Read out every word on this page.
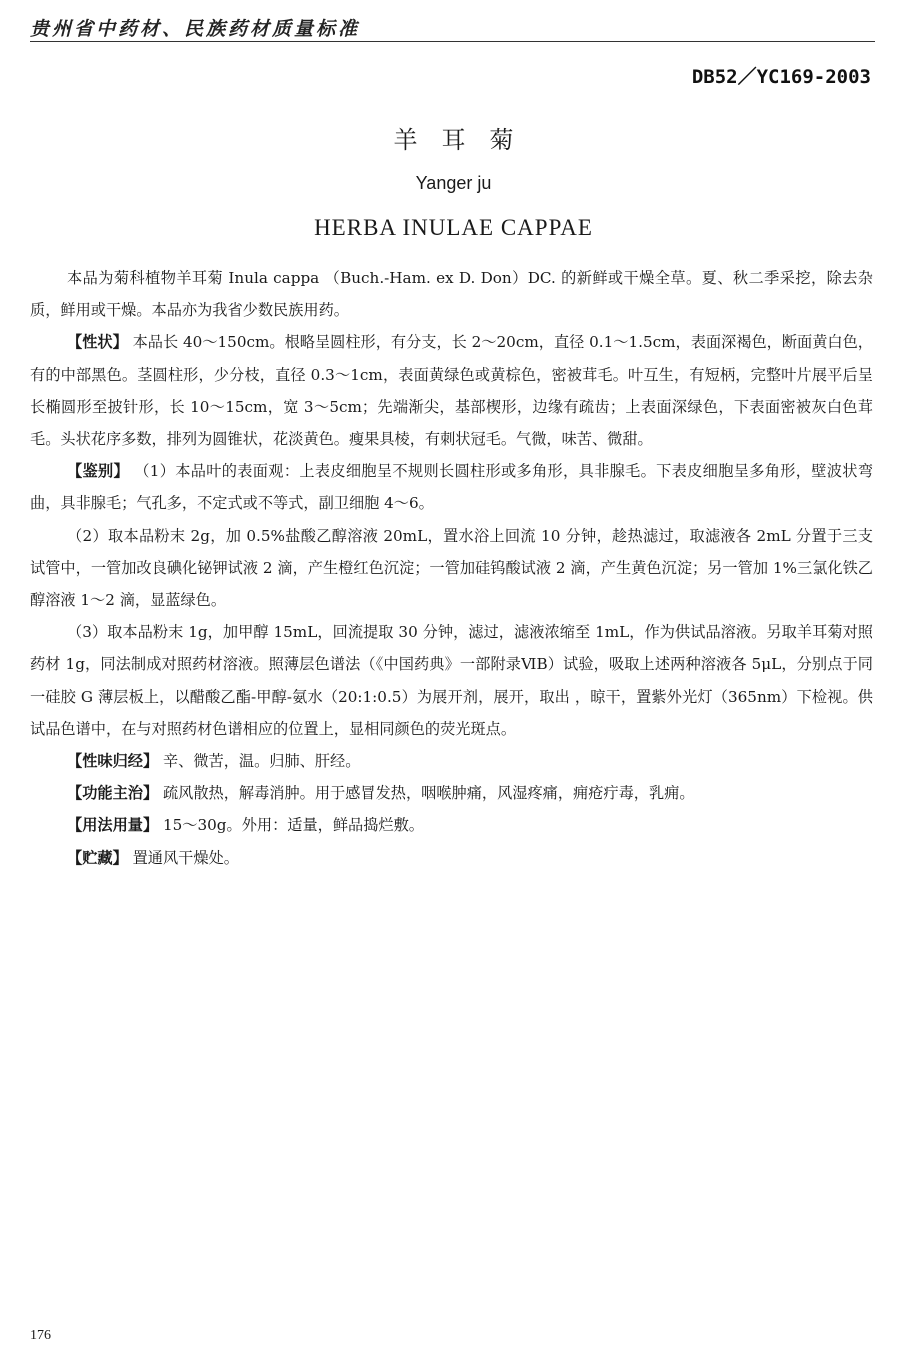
贵州省中药材、民族药材质量标准
DB52／YC169-2003
羊耳菊
Yanger ju
HERBA INULAE CAPPAE

本品为菊科植物羊耳菊 Inula cappa （Buch.-Ham. ex D. Don）DC. 的新鲜或干燥全草。夏、秋二季采挖，除去杂质，鲜用或干燥。本品亦为我省少数民族用药。

【性状】 本品长 40～150cm。根略呈圆柱形，有分支，长 2～20cm，直径 0.1～1.5cm，表面深褐色，断面黄白色，有的中部黑色。茎圆柱形，少分枝，直径 0.3～1cm，表面黄绿色或黄棕色，密被茸毛。叶互生，有短柄，完整叶片展平后呈长椭圆形至披针形，长 10～15cm，宽 3～5cm；先端渐尖，基部楔形，边缘有疏齿；上表面深绿色，下表面密被灰白色茸毛。头状花序多数，排列为圆锥状，花淡黄色。瘦果具棱，有刺状冠毛。气微，味苦、微甜。

【鉴别】 （1）本品叶的表面观：上表皮细胞呈不规则长圆柱形或多角形，具非腺毛。下表皮细胞呈多角形，壁波状弯曲，具非腺毛；气孔多，不定式或不等式，副卫细胞 4～6。

（2）取本品粉末 2g，加 0.5%盐酸乙醇溶液 20mL，置水浴上回流 10 分钟，趁热滤过，取滤液各 2mL 分置于三支试管中，一管加改良碘化铋钾试液 2 滴，产生橙红色沉淀；一管加硅钨酸试液 2 滴，产生黄色沉淀；另一管加 1%三氯化铁乙醇溶液 1～2 滴，显蓝绿色。

（3）取本品粉末 1g，加甲醇 15mL，回流提取 30 分钟，滤过，滤液浓缩至 1mL，作为供试品溶液。另取羊耳菊对照药材 1g，同法制成对照药材溶液。照薄层色谱法（《中国药典》一部附录ⅥB）试验，吸取上述两种溶液各 5μL，分别点于同一硅胶 G 薄层板上，以醋酸乙酯-甲醇-氨水（20:1:0.5）为展开剂，展开，取出 ，晾干，置紫外光灯（365nm）下检视。供试品色谱中，在与对照药材色谱相应的位置上，显相同颜色的荧光斑点。

【性味归经】 辛、微苦，温。归肺、肝经。

【功能主治】 疏风散热，解毒消肿。用于感冒发热，咽喉肿痛，风湿疼痛，痈疮疔毒，乳痈。

【用法用量】 15～30g。外用：适量，鲜品捣烂敷。

【贮藏】 置通风干燥处。

176
